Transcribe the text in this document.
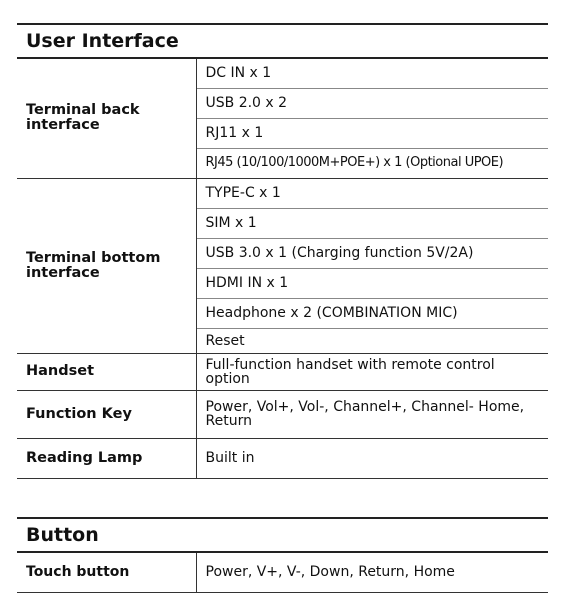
User Interface	
Terminal back interface	DC IN x 1
	USB 2.0 x 2
	RJ11 x 1
	RJ45 (10/100/1000M+POE+) x 1 (Optional UPOE)
Terminal bottom interface	TYPE-C x 1
	SIM x 1
	USB 3.0 x 1 (Charging function 5V/2A)
	HDMI IN x 1
	Headphone x 2 (COMBINATION MIC)
	Reset
Handset	Full-function handset with remote control option
Function Key	Power, Vol+, Vol-, Channel+, Channel- Home, Return
Reading Lamp	Built in
Button
Touch button	Power, V+, V-, Down, Return, Home
